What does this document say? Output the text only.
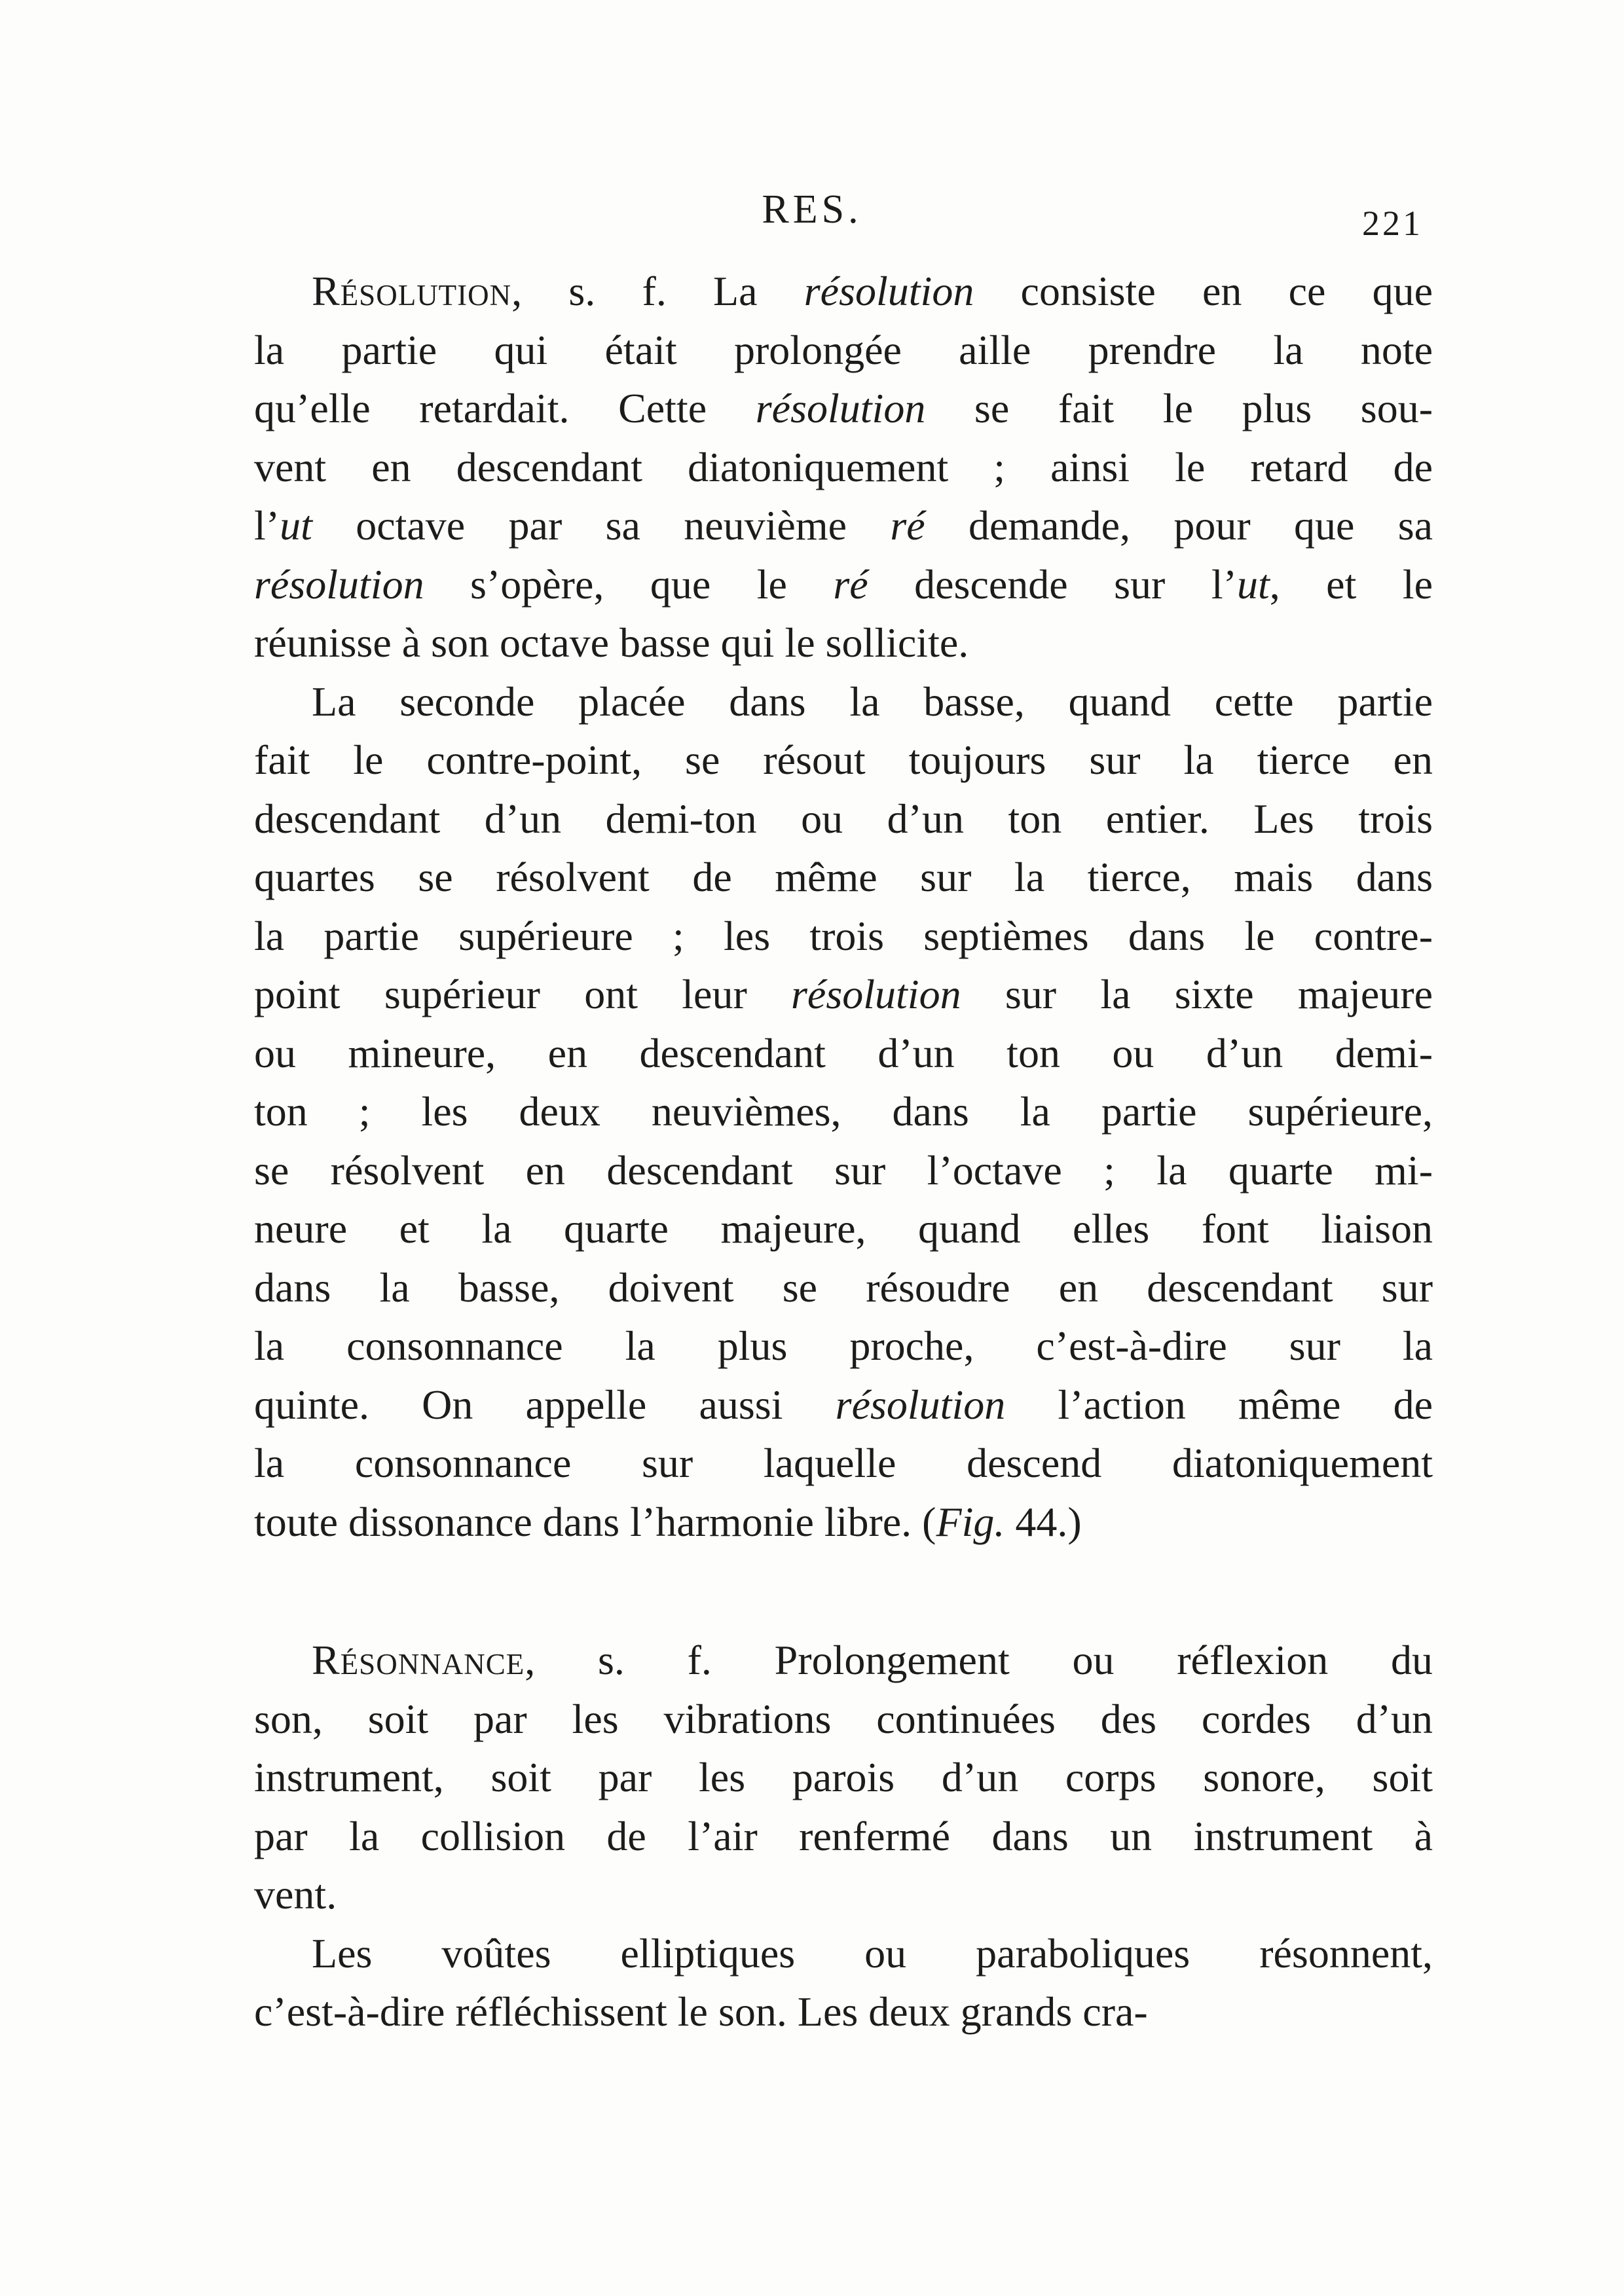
RES.	221
Résolution, s. f. La résolution consiste en ce que
la partie qui était prolongée aille prendre la note
qu’elle retardait. Cette résolution se fait le plus sou-
vent en descendant diatoniquement ; ainsi le retard de
l’ut octave par sa neuvième ré demande, pour que sa
résolution s’opère, que le ré descende sur l’ut, et le
réunisse à son octave basse qui le sollicite.
La seconde placée dans la basse, quand cette partie
fait le contre-point, se résout toujours sur la tierce en
descendant d’un demi-ton ou d’un ton entier. Les trois
quartes se résolvent de même sur la tierce, mais dans
la partie supérieure ; les trois septièmes dans le contre-
point supérieur ont leur résolution sur la sixte majeure
ou mineure, en descendant d’un ton ou d’un demi-
ton ; les deux neuvièmes, dans la partie supérieure,
se résolvent en descendant sur l’octave ; la quarte mi-
neure et la quarte majeure, quand elles font liaison
dans la basse, doivent se résoudre en descendant sur
la consonnance la plus proche, c’est-à-dire sur la
quinte. On appelle aussi résolution l’action même de
la consonnance sur laquelle descend diatoniquement
toute dissonance dans l’harmonie libre. (Fig. 44.)
Résonnance, s. f. Prolongement ou réflexion du
son, soit par les vibrations continuées des cordes d’un
instrument, soit par les parois d’un corps sonore, soit
par la collision de l’air renfermé dans un instrument à
vent.
Les voûtes elliptiques ou paraboliques résonnent,
c’est-à-dire réfléchissent le son. Les deux grands cra-
